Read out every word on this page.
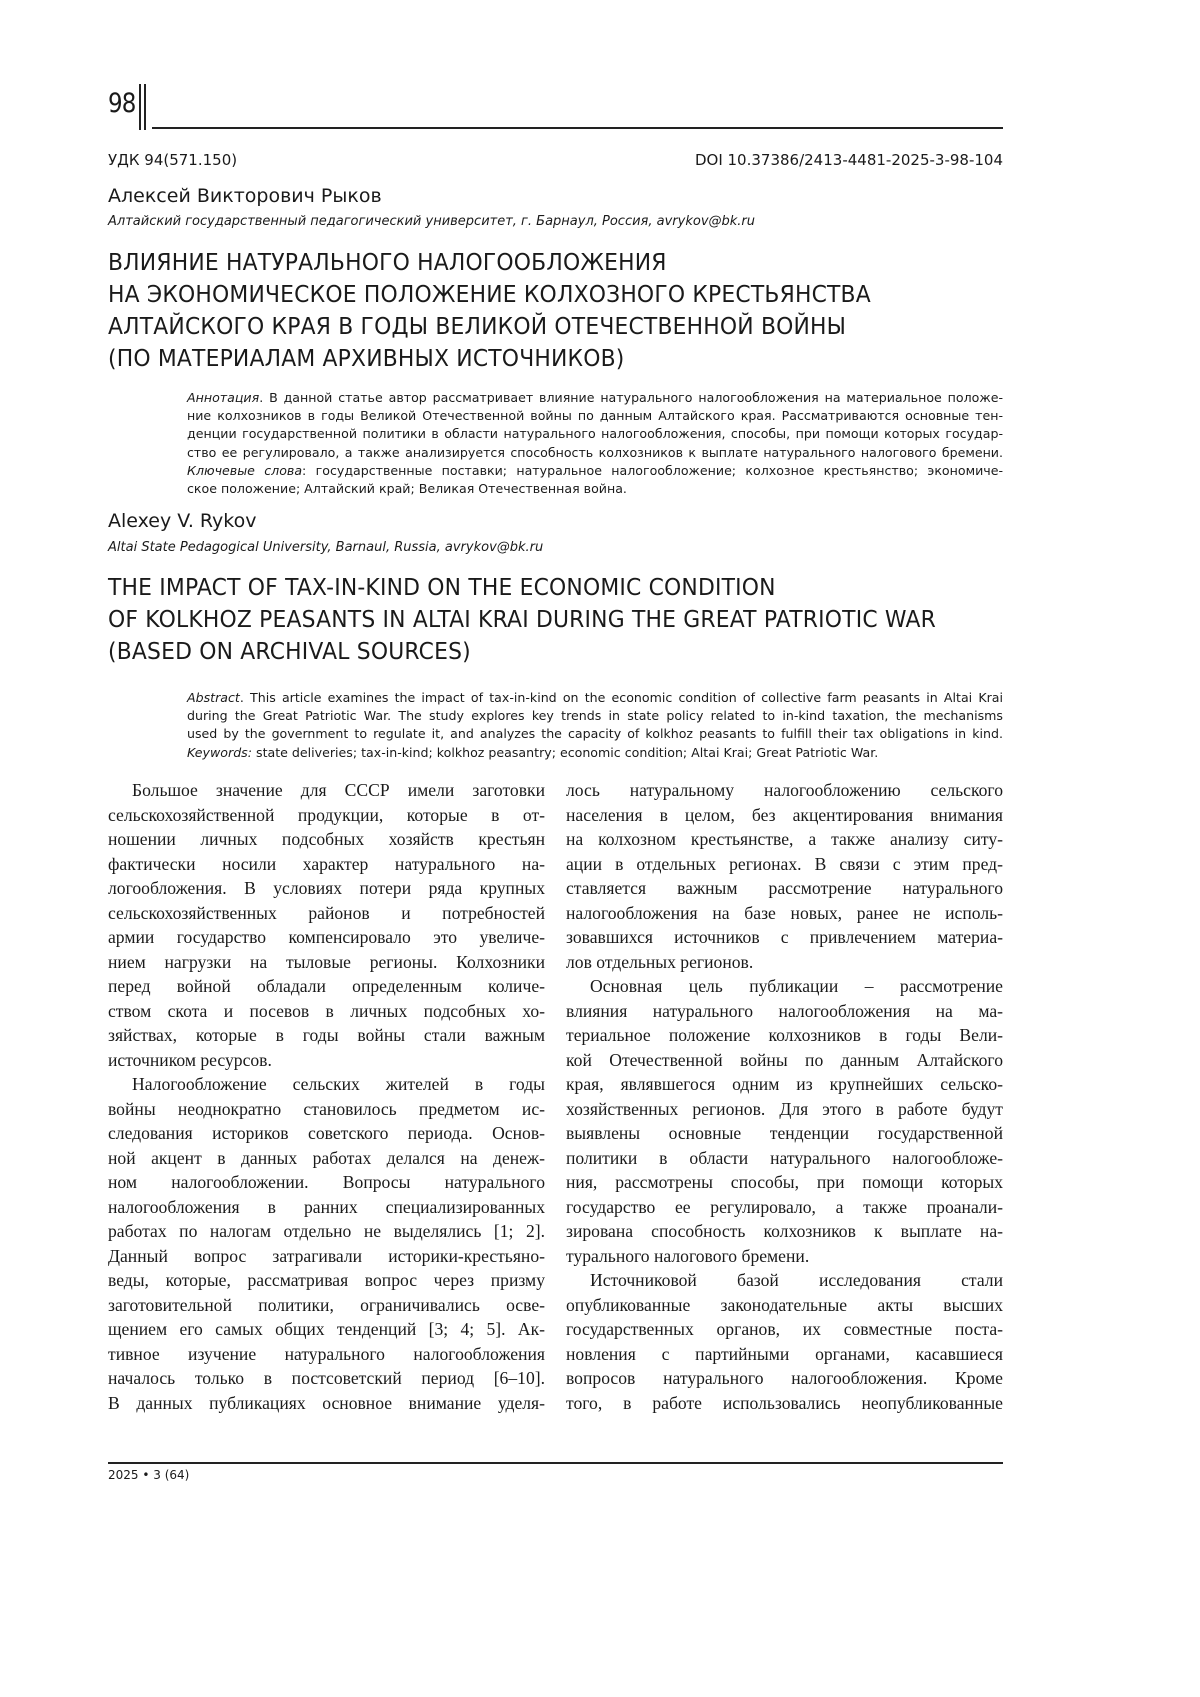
98
УДК 94(571.150)	DOI 10.37386/2413-4481-2025-3-98-104
Алексей Викторович Рыков
Алтайский государственный педагогический университет, г. Барнаул, Россия, avrykov@bk.ru
ВЛИЯНИЕ НАТУРАЛЬНОГО НАЛОГООБЛОЖЕНИЯ
НА ЭКОНОМИЧЕСКОЕ ПОЛОЖЕНИЕ КОЛХОЗНОГО КРЕСТЬЯНСТВА
АЛТАЙСКОГО КРАЯ В ГОДЫ ВЕЛИКОЙ ОТЕЧЕСТВЕННОЙ ВОЙНЫ
(ПО МАТЕРИАЛАМ АРХИВНЫХ ИСТОЧНИКОВ)
Аннотация. В данной статье автор рассматривает влияние натурального налогообложения на материальное положе-
ние колхозников в годы Великой Отечественной войны по данным Алтайского края. Рассматриваются основные тен-
денции государственной политики в области натурального налогообложения, способы, при помощи которых государ-
ство ее регулировало, а также анализируется способность колхозников к выплате натурального налогового бремени.
Ключевые слова: государственные поставки; натуральное налогообложение; колхозное крестьянство; экономиче-
ское положение; Алтайский край; Великая Отечественная война.
Alexey V. Rykov
Altai State Pedagogical University, Barnaul, Russia, avrykov@bk.ru
THE IMPACT OF TAX-IN-KIND ON THE ECONOMIC CONDITION
OF KOLKHOZ PEASANTS IN ALTAI KRAI DURING THE GREAT PATRIOTIC WAR
(BASED ON ARCHIVAL SOURCES)
Abstract. This article examines the impact of tax-in-kind on the economic condition of collective farm peasants in Altai Krai
during the Great Patriotic War. The study explores key trends in state policy related to in-kind taxation, the mechanisms
used by the government to regulate it, and analyzes the capacity of kolkhoz peasants to fulfill their tax obligations in kind.
Keywords: state deliveries; tax-in-kind; kolkhoz peasantry; economic condition; Altai Krai; Great Patriotic War.
Большое значение для СССР имели заготовки
сельскохозяйственной продукции, которые в от-
ношении личных подсобных хозяйств крестьян
фактически носили характер натурального на-
логообложения. В условиях потери ряда крупных
сельскохозяйственных районов и потребностей
армии государство компенсировало это увеличе-
нием нагрузки на тыловые регионы. Колхозники
перед войной обладали определенным количе-
ством скота и посевов в личных подсобных хо-
зяйствах, которые в годы войны стали важным
источником ресурсов.
Налогообложение сельских жителей в годы
войны неоднократно становилось предметом ис-
следования историков советского периода. Основ-
ной акцент в данных работах делался на денеж-
ном налогообложении. Вопросы натурального
налогообложения в ранних специализированных
работах по налогам отдельно не выделялись [1; 2].
Данный вопрос затрагивали историки-крестьяно-
веды, которые, рассматривая вопрос через призму
заготовительной политики, ограничивались осве-
щением его самых общих тенденций [3; 4; 5]. Ак-
тивное изучение натурального налогообложения
началось только в постсоветский период [6–10].
В данных публикациях основное внимание уделя-
лось натуральному налогообложению сельского
населения в целом, без акцентирования внимания
на колхозном крестьянстве, а также анализу ситу-
ации в отдельных регионах. В связи с этим пред-
ставляется важным рассмотрение натурального
налогообложения на базе новых, ранее не исполь-
зовавшихся источников с привлечением материа-
лов отдельных регионов.
Основная цель публикации – рассмотрение
влияния натурального налогообложения на ма-
териальное положение колхозников в годы Вели-
кой Отечественной войны по данным Алтайского
края, являвшегося одним из крупнейших сельско-
хозяйственных регионов. Для этого в работе будут
выявлены основные тенденции государственной
политики в области натурального налогообложе-
ния, рассмотрены способы, при помощи которых
государство ее регулировало, а также проанали-
зирована способность колхозников к выплате на-
турального налогового бремени.
Источниковой базой исследования стали
опубликованные законодательные акты высших
государственных органов, их совместные поста-
новления с партийными органами, касавшиеся
вопросов натурального налогообложения. Кроме
того, в работе использовались неопубликованные
2025 • 3 (64)
